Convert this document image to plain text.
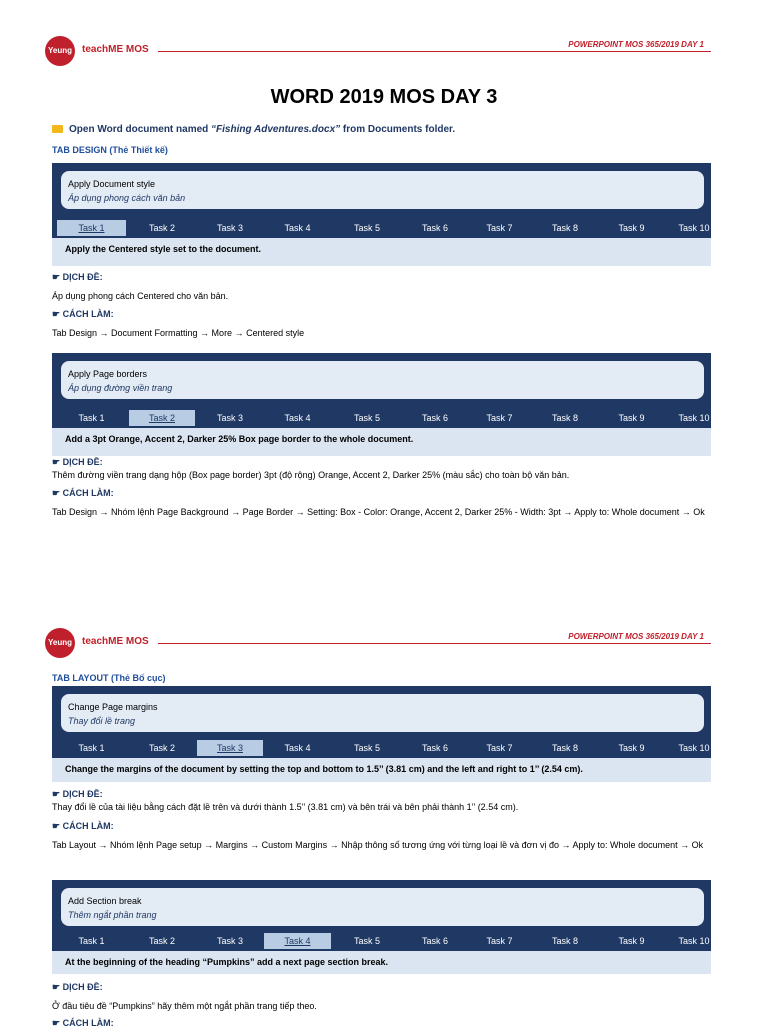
Yeung	teachME MOS	POWERPOINT MOS 365/2019 DAY 1
WORD 2019 MOS DAY 3
Open Word document named “Fishing Adventures.docx” from Documents folder.
TAB DESIGN (Thẻ Thiết kế)
Apply Document style
Áp dụng phong cách văn bản
Task 1	Task 2	Task 3	Task 4	Task 5	Task 6	Task 7	Task 8	Task 9	Task 10
Apply the Centered style set to the document.
☛ DỊCH ĐỀ:
Áp dụng phong cách Centered cho văn bản.
☛ CÁCH LÀM:
Tab Design → Document Formatting → More → Centered style
Apply Page borders
Áp dụng đường viền trang
Task 1	Task 2	Task 3	Task 4	Task 5	Task 6	Task 7	Task 8	Task 9	Task 10
Add a 3pt Orange, Accent 2, Darker 25% Box page border to the whole document.
☛ DỊCH ĐỀ:
Thêm đường viền trang dạng hộp (Box page border) 3pt (độ rộng) Orange, Accent 2, Darker 25% (màu sắc) cho toàn bộ văn bản.
☛ CÁCH LÀM:
Tab Design → Nhóm lệnh Page Background → Page Border → Setting: Box - Color: Orange, Accent 2, Darker 25% - Width: 3pt → Apply to: Whole document → Ok
Yeung	teachME MOS	POWERPOINT MOS 365/2019 DAY 1
TAB LAYOUT (Thẻ Bố cục)
Change Page margins
Thay đổi lề trang
Task 1	Task 2	Task 3	Task 4	Task 5	Task 6	Task 7	Task 8	Task 9	Task 10
Change the margins of the document by setting the top and bottom to 1.5’’ (3.81 cm) and the left and right to 1’’ (2.54 cm).
☛ DỊCH ĐỀ:
Thay đổi lề của tài liệu bằng cách đặt lề trên và dưới thành 1.5’’ (3.81 cm) và bên trái và bên phải thành 1’’ (2.54 cm).
☛ CÁCH LÀM:
Tab Layout → Nhóm lệnh Page setup → Margins → Custom Margins → Nhập thông số tương ứng với từng loại lề và đơn vị đo → Apply to: Whole document → Ok
Add Section break
Thêm ngắt phần trang
Task 1	Task 2	Task 3	Task 4	Task 5	Task 6	Task 7	Task 8	Task 9	Task 10
At the beginning of the heading “Pumpkins” add a next page section break.
☛ DỊCH ĐỀ:
Ở đầu tiêu đề “Pumpkins” hãy thêm một ngắt phần trang tiếp theo.
☛ CÁCH LÀM:
